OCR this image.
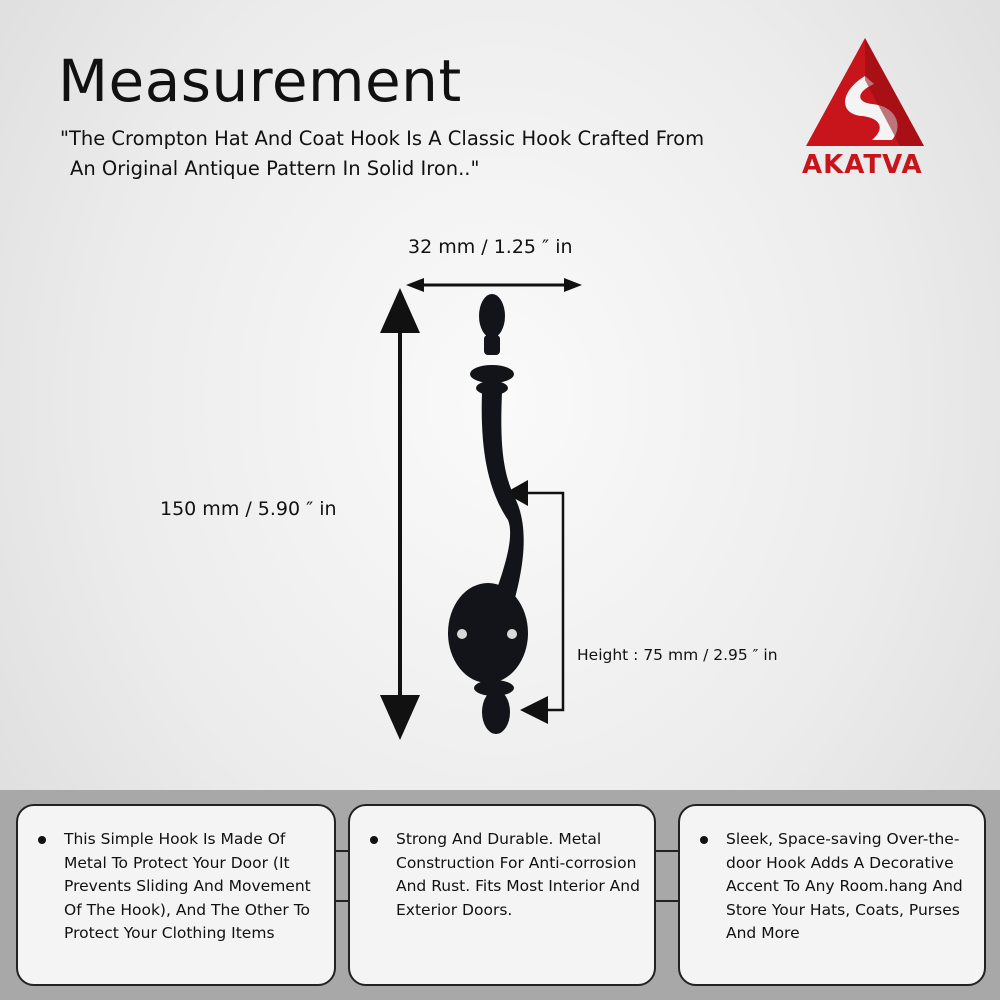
Measurement

"The Crompton Hat And Coat Hook Is A Classic Hook Crafted From
An Original Antique Pattern In Solid Iron.."	AKATVA
32 mm / 1.25 ″ in
150 mm / 5.90 ″ in
Height : 75 mm / 2.95 ″ in
This Simple Hook Is Made Of Metal To Protect Your Door (It Prevents Sliding And Movement Of The Hook), And The Other To Protect Your Clothing Items
Strong And Durable. Metal Construction For Anti-corrosion And Rust. Fits Most Interior And Exterior Doors.
Sleek, Space-saving Over-the-door Hook Adds A Decorative Accent To Any Room.hang And Store Your Hats, Coats, Purses And More
